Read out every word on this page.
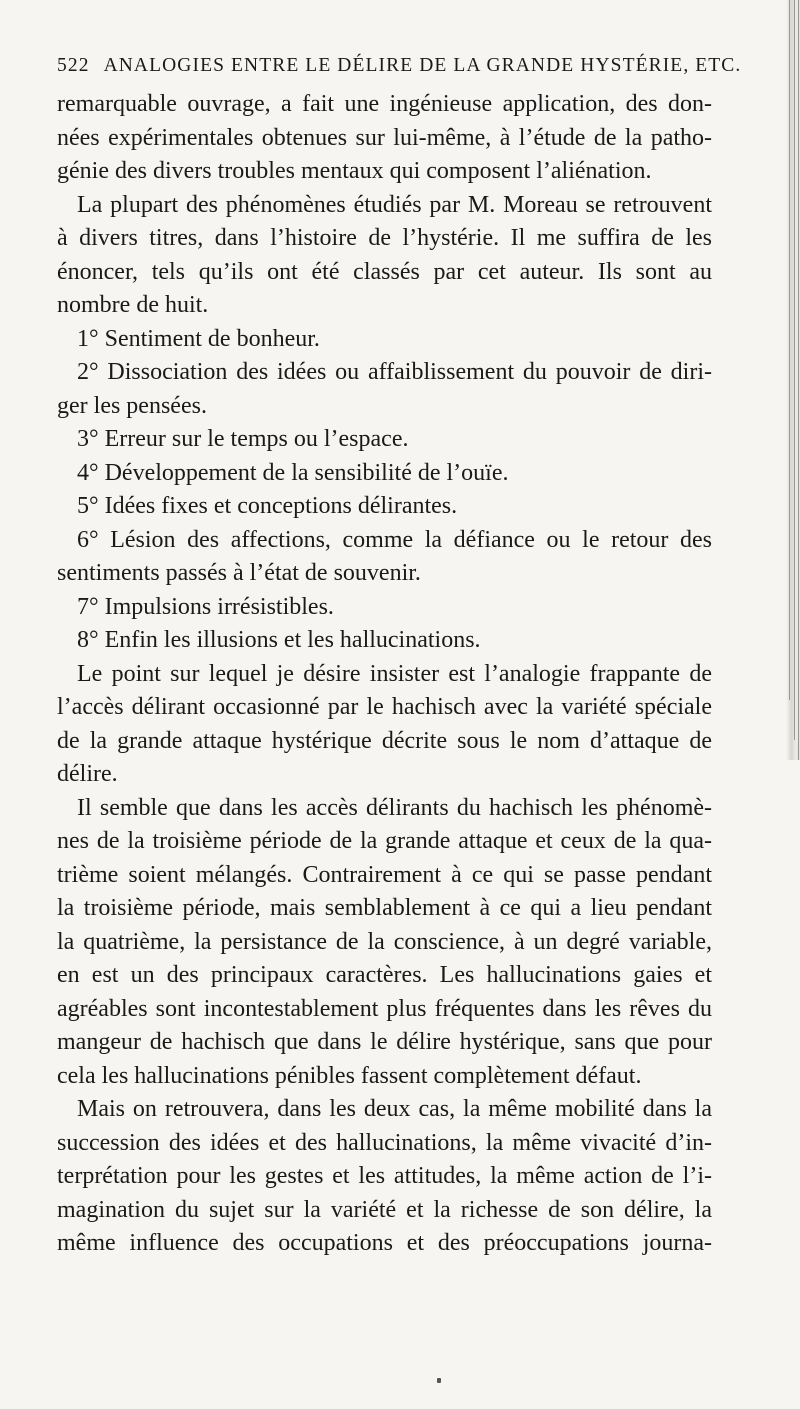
522 ANALOGIES ENTRE LE DÉLIRE DE LA GRANDE HYSTÉRIE, ETC.
remarquable ouvrage, a fait une ingénieuse application, des don-
nées expérimentales obtenues sur lui-même, à l’étude de la patho-
génie des divers troubles mentaux qui composent l’aliénation.
La plupart des phénomènes étudiés par M. Moreau se retrouvent
à divers titres, dans l’histoire de l’hystérie. Il me suffira de les
énoncer, tels qu’ils ont été classés par cet auteur. Ils sont au
nombre de huit.
1° Sentiment de bonheur.
2° Dissociation des idées ou affaiblissement du pouvoir de diri-
ger les pensées.
3° Erreur sur le temps ou l’espace.
4° Développement de la sensibilité de l’ouïe.
5° Idées fixes et conceptions délirantes.
6° Lésion des affections, comme la défiance ou le retour des
sentiments passés à l’état de souvenir.
7° Impulsions irrésistibles.
8° Enfin les illusions et les hallucinations.
Le point sur lequel je désire insister est l’analogie frappante de
l’accès délirant occasionné par le hachisch avec la variété spéciale
de la grande attaque hystérique décrite sous le nom d’attaque de
délire.
Il semble que dans les accès délirants du hachisch les phénomè-
nes de la troisième période de la grande attaque et ceux de la qua-
trième soient mélangés. Contrairement à ce qui se passe pendant
la troisième période, mais semblablement à ce qui a lieu pendant
la quatrième, la persistance de la conscience, à un degré variable,
en est un des principaux caractères. Les hallucinations gaies et
agréables sont incontestablement plus fréquentes dans les rêves du
mangeur de hachisch que dans le délire hystérique, sans que pour
cela les hallucinations pénibles fassent complètement défaut.
Mais on retrouvera, dans les deux cas, la même mobilité dans la
succession des idées et des hallucinations, la même vivacité d’in-
terprétation pour les gestes et les attitudes, la même action de l’i-
magination du sujet sur la variété et la richesse de son délire, la
même influence des occupations et des préoccupations journa-
